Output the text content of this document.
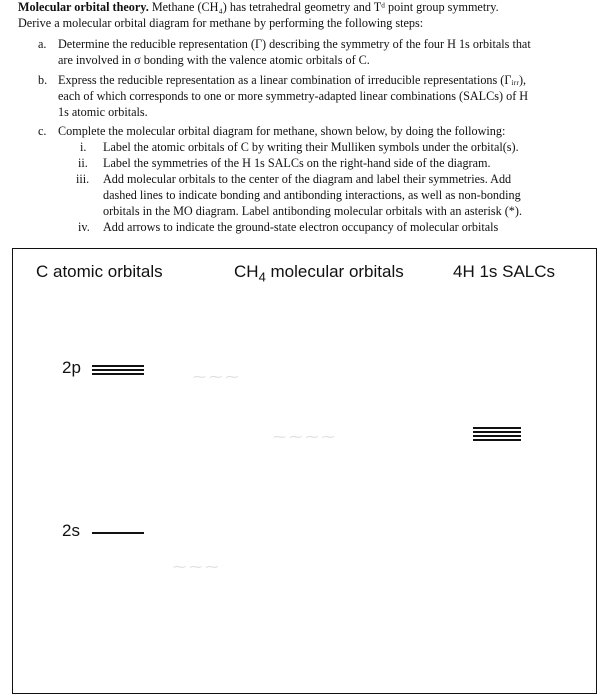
Molecular orbital theory. Methane (CH₄) has tetrahedral geometry and Tᵈ point group symmetry.
Derive a molecular orbital diagram for methane by performing the following steps:
a. Determine the reducible representation (Γ) describing the symmetry of the four H 1s orbitals that
are involved in σ bonding with the valence atomic orbitals of C.
b. Express the reducible representation as a linear combination of irreducible representations (Γᵢᵣᵣ),
each of which corresponds to one or more symmetry-adapted linear combinations (SALCs) of H
1s atomic orbitals.
c. Complete the molecular orbital diagram for methane, shown below, by doing the following:
i. Label the atomic orbitals of C by writing their Mulliken symbols under the orbital(s).
ii. Label the symmetries of the H 1s SALCs on the right-hand side of the diagram.
iii. Add molecular orbitals to the center of the diagram and label their symmetries. Add
dashed lines to indicate bonding and antibonding interactions, as well as non-bonding
orbitals in the MO diagram. Label antibonding molecular orbitals with an asterisk (*).
iv. Add arrows to indicate the ground-state electron occupancy of molecular orbitals
C atomic orbitals	$CH_4$ molecular orbitals	4H 1s SALCs
⁓ ⁓ ⁓
⁓ ⁓ ⁓ ⁓
⁓ ⁓ ⁓
2p
2s
